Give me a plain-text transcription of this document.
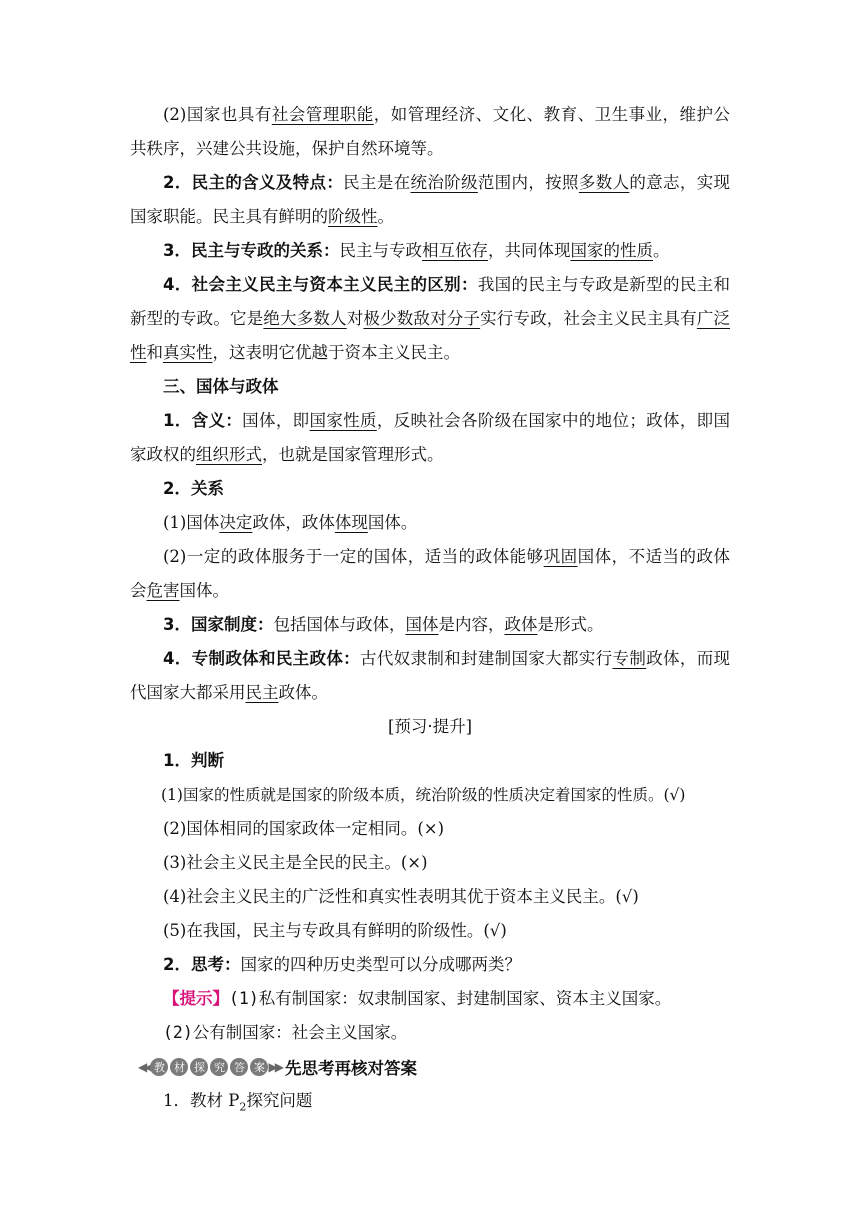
(2)国家也具有社会管理职能，如管理经济、文化、教育、卫生事业，维护公共秩序，兴建公共设施，保护自然环境等。

2．民主的含义及特点：民主是在统治阶级范围内，按照多数人的意志，实现国家职能。民主具有鲜明的阶级性。

3．民主与专政的关系：民主与专政相互依存，共同体现国家的性质。

4．社会主义民主与资本主义民主的区别：我国的民主与专政是新型的民主和新型的专政。它是绝大多数人对极少数敌对分子实行专政，社会主义民主具有广泛性和真实性，这表明它优越于资本主义民主。

三、国体与政体

1．含义：国体，即国家性质，反映社会各阶级在国家中的地位；政体，即国家政权的组织形式，也就是国家管理形式。

2．关系

(1)国体决定政体，政体体现国体。

(2)一定的政体服务于一定的国体，适当的政体能够巩固国体，不适当的政体会危害国体。

3．国家制度：包括国体与政体，国体是内容，政体是形式。

4．专制政体和民主政体：古代奴隶制和封建制国家大都实行专制政体，而现代国家大都采用民主政体。

[预习·提升]

1．判断

(1)国家的性质就是国家的阶级本质，统治阶级的性质决定着国家的性质。(√)

(2)国体相同的国家政体一定相同。(×)

(3)社会主义民主是全民的民主。(×)

(4)社会主义民主的广泛性和真实性表明其优于资本主义民主。(√)

(5)在我国，民主与专政具有鲜明的阶级性。(√)

2．思考：国家的四种历史类型可以分成哪两类？

【提示】(1)私有制国家：奴隶制国家、封建制国家、资本主义国家。

(2)公有制国家：社会主义国家。

◀◀ 教 材 探 究 答 案 ▶▶ 先思考再核对答案

1．教材 $P_2$探究问题
